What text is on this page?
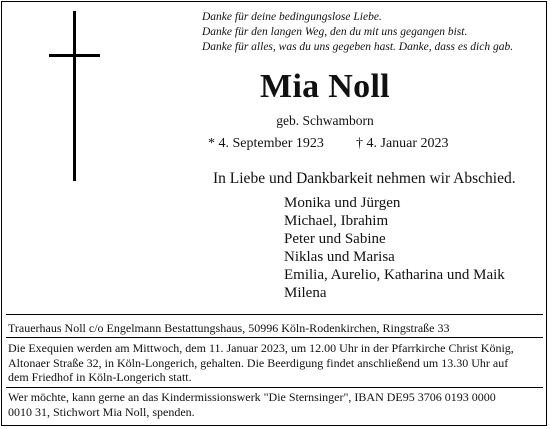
Danke für deine bedingungslose Liebe.
Danke für den langen Weg, den du mit uns gegangen bist.
Danke für alles, was du uns gegeben hast. Danke, dass es dich gab.
Mia Noll
geb. Schwamborn
* 4. September 1923 † 4. Januar 2023
In Liebe und Dankbarkeit nehmen wir Abschied.
Monika und Jürgen
Michael, Ibrahim
Peter und Sabine
Niklas und Marisa
Emilia, Aurelio, Katharina und Maik
Milena
Trauerhaus Noll c/o Engelmann Bestattungshaus, 50996 Köln-Rodenkirchen, Ringstraße 33
Die Exequien werden am Mittwoch, dem 11. Januar 2023, um 12.00 Uhr in der Pfarrkirche Christ König,
Altonaer Straße 32, in Köln-Longerich, gehalten. Die Beerdigung findet anschließend um 13.30 Uhr auf
dem Friedhof in Köln-Longerich statt.
Wer möchte, kann gerne an das Kindermissionswerk "Die Sternsinger", IBAN DE95 3706 0193 0000
0010 31, Stichwort Mia Noll, spenden.
